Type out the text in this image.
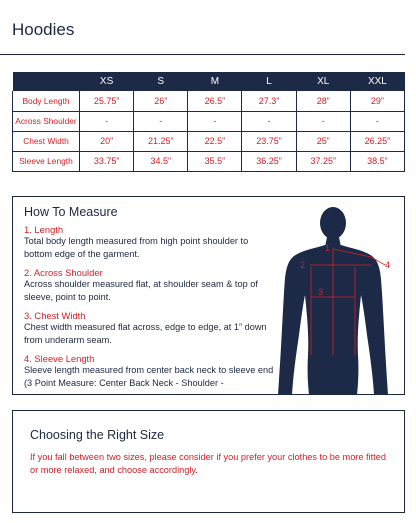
Hoodies
	XS	S	M	L	XL	XXL
Body Length	25.75”	26”	26.5”	27.3”	28”	29”
Across Shoulder	-	-	-	-	-	-
Chest Width	20”	21.25”	22.5”	23.75”	25”	26.25”
Sleeve Length	33.75”	34.5”	35.5”	36.25”	37.25”	38.5”
How To Measure
1. Length
Total body length measured from high point shoulder to bottom edge of the garment.
2. Across Shoulder
Across shoulder measured flat, at shoulder seam & top of sleeve, point to point.
3. Chest Width
Chest width measured flat across, edge to edge, at 1” down from underarm seam.
4. Sleeve Length
Sleeve length measured from center back neck to sleeve end (3 Point Measure: Center Back Neck - Shoulder -
1
2
3
4
Choosing the Right Size
If you fall between two sizes, please consider if you prefer your clothes to be more fitted or more relaxed, and choose accordingly.
